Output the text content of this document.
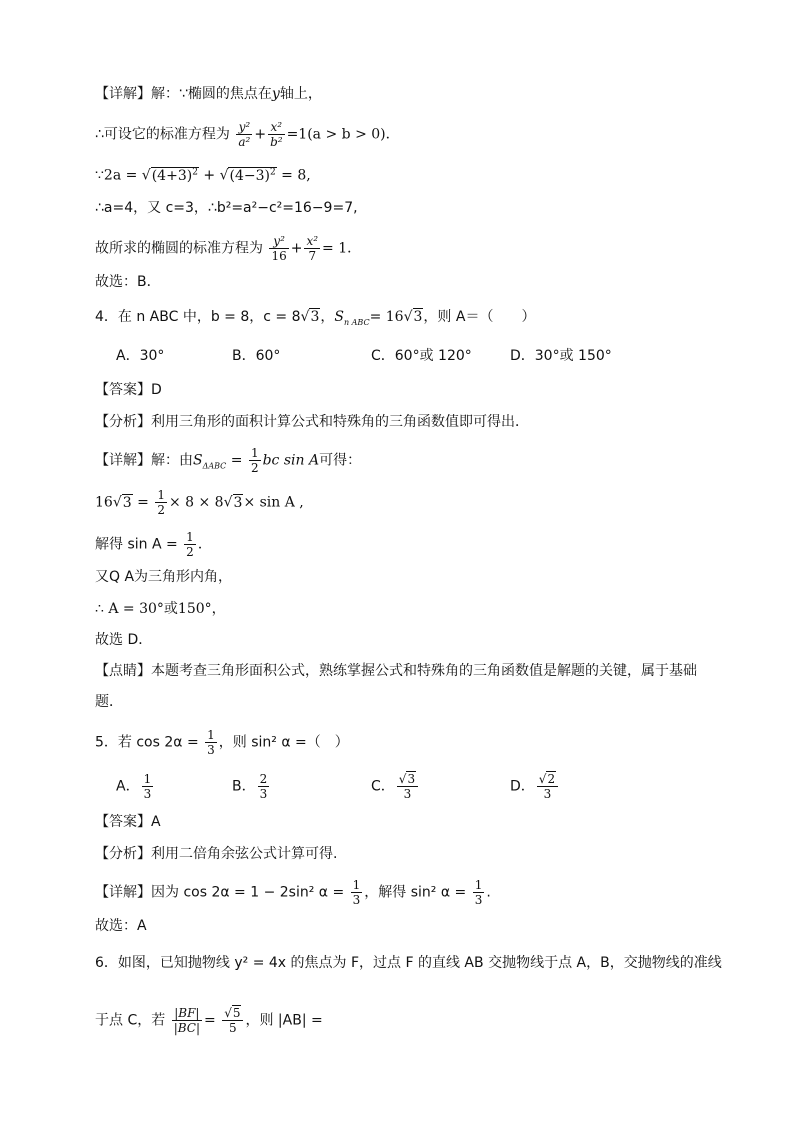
【详解】解：∵椭圆的焦点在y轴上，
∴可设它的标准方程为 $\frac{\text{y²}}{\text{a²}} + \frac{\text{x²}}{\text{b²}} =1(a > b > 0)$．
∵2a = $√(4+3)^2 + √(4-3)^2 = 8$,
∴a=4，又 c=3，∴b²=a²−c²=16−9=7,
故所求的椭圆的标准方程为 $\frac{\text{y²}}{16} + \frac{\text{x²}}{7} = 1$．
故选：B．
4．在 n ABC 中，b = 8，c = 8√3，$S_{n ABC}= 16√3$，则 A＝（　　）
A．30°	B．60°	C．60°或 120°	D．30°或 150°
【答案】D
【分析】利用三角形的面积计算公式和特殊角的三角函数值即可得出．
【详解】解：由$S_{\Delta ABC} = \frac{1}{2}$ bc sin A可得：
$16√3 = \frac{1}{2} \times 8 \times 8√3\times \sin A$ ,
解得 $\sin A = \frac{1}{2}$ ．
又Q A为三角形内角，
∴ A = 30°或150°，
故选 D．
【点睛】本题考查三角形面积公式，熟练掌握公式和特殊角的三角函数值是解题的关键，属于基础
题．
5．若 $\cos 2\alpha = \frac{1}{3}$ ，则 sin² α =（　）
A． $\frac{1}{3}$	B． $\frac{2}{3}$	C． $\frac{√3}{3}$	D． $\frac{√2}{3}$
【答案】A
【分析】利用二倍角余弦公式计算可得.
【详解】因为 cos 2α = 1 − 2sin² $\alpha = \frac{1}{3}$ ，解得 sin² $\alpha = \frac{1}{3}$ .
故选：A
6．如图，已知抛物线 y² = 4x 的焦点为 F，过点 F 的直线 AB 交抛物线于点 A，B，交抛物线的准线
于点 C，若 $\frac{|BF|}{|BC|} = \frac{√5}{5}$ ，则 |AB| =
